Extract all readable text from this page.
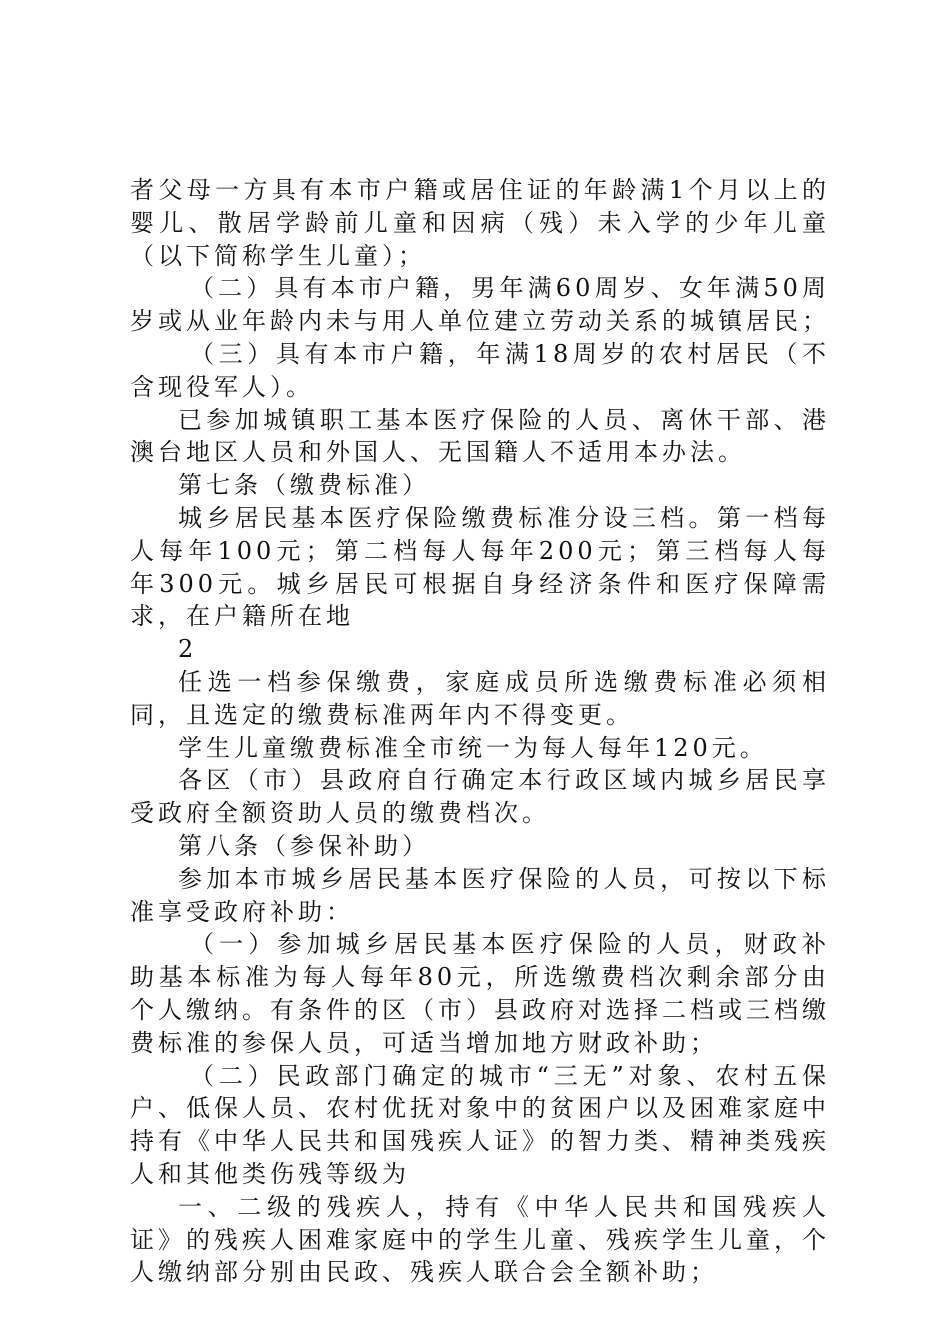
者父母一方具有本市户籍或居住证的年龄满1个月以上的婴儿、散居学龄前儿童和因病（残）未入学的少年儿童（以下简称学生儿童）；

（二）具有本市户籍，男年满60周岁、女年满50周岁或从业年龄内未与用人单位建立劳动关系的城镇居民；

（三）具有本市户籍，年满18周岁的农村居民（不含现役军人）。

已参加城镇职工基本医疗保险的人员、离休干部、港澳台地区人员和外国人、无国籍人不适用本办法。

第七条（缴费标准）

城乡居民基本医疗保险缴费标准分设三档。第一档每人每年100元；第二档每人每年200元；第三档每人每年300元。城乡居民可根据自身经济条件和医疗保障需求，在户籍所在地

2

任选一档参保缴费，家庭成员所选缴费标准必须相同，且选定的缴费标准两年内不得变更。

学生儿童缴费标准全市统一为每人每年120元。

各区（市）县政府自行确定本行政区域内城乡居民享受政府全额资助人员的缴费档次。

第八条（参保补助）

参加本市城乡居民基本医疗保险的人员，可按以下标准享受政府补助：

（一）参加城乡居民基本医疗保险的人员，财政补助基本标准为每人每年80元，所选缴费档次剩余部分由个人缴纳。有条件的区（市）县政府对选择二档或三档缴费标准的参保人员，可适当增加地方财政补助；

（二）民政部门确定的城市“三无”对象、农村五保户、低保人员、农村优抚对象中的贫困户以及困难家庭中持有《中华人民共和国残疾人证》的智力类、精神类残疾人和其他类伤残等级为

一、二级的残疾人，持有《中华人民共和国残疾人证》的残疾人困难家庭中的学生儿童、残疾学生儿童，个人缴纳部分别由民政、残疾人联合会全额补助；
